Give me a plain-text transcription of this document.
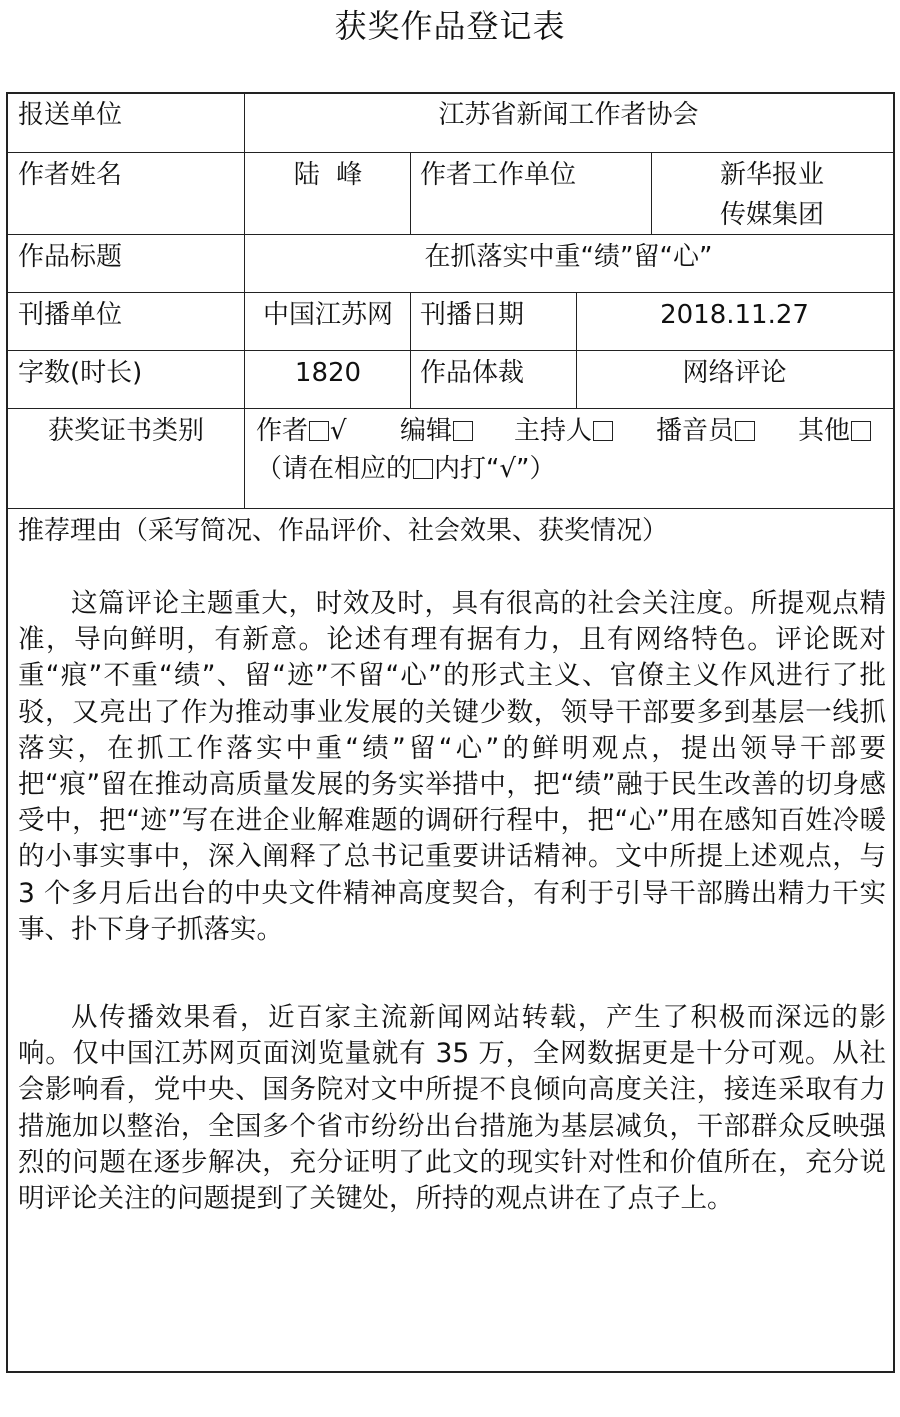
获奖作品登记表
报送单位	江苏省新闻工作者协会
作者姓名	陆  峰	作者工作单位	新华报业
传媒集团
作品标题	在抓落实中重“绩”留“心”
刊播单位	中国江苏网	刊播日期	2018.11.27
字数(时长)	1820	作品体裁	网络评论
获奖证书类别	作者 √ 编辑	主持人	播音员	其他
（请在相应的 内打“√”）
推荐理由（采写简况、作品评价、社会效果、获奖情况）
这篇评论主题重大，时效及时，具有很高的社会关注度。所提观点精准，导向鲜明，有新意。论述有理有据有力，且有网络特色。评论既对重“痕”不重“绩”、留“迹”不留“心”的形式主义、官僚主义作风进行了批驳，又亮出了作为推动事业发展的关键少数，领导干部要多到基层一线抓落实，在抓工作落实中重“绩”留“心”的鲜明观点，提出领导干部要把“痕”留在推动高质量发展的务实举措中，把“绩”融于民生改善的切身感受中，把“迹”写在进企业解难题的调研行程中，把“心”用在感知百姓冷暖的小事实事中，深入阐释了总书记重要讲话精神。文中所提上述观点，与 3 个多月后出台的中央文件精神高度契合，有利于引导干部腾出精力干实事、扑下身子抓落实。
从传播效果看，近百家主流新闻网站转载，产生了积极而深远的影响。仅中国江苏网页面浏览量就有 35 万，全网数据更是十分可观。从社会影响看，党中央、国务院对文中所提不良倾向高度关注，接连采取有力措施加以整治，全国多个省市纷纷出台措施为基层减负，干部群众反映强烈的问题在逐步解决，充分证明了此文的现实针对性和价值所在，充分说明评论关注的问题提到了关键处，所持的观点讲在了点子上。
